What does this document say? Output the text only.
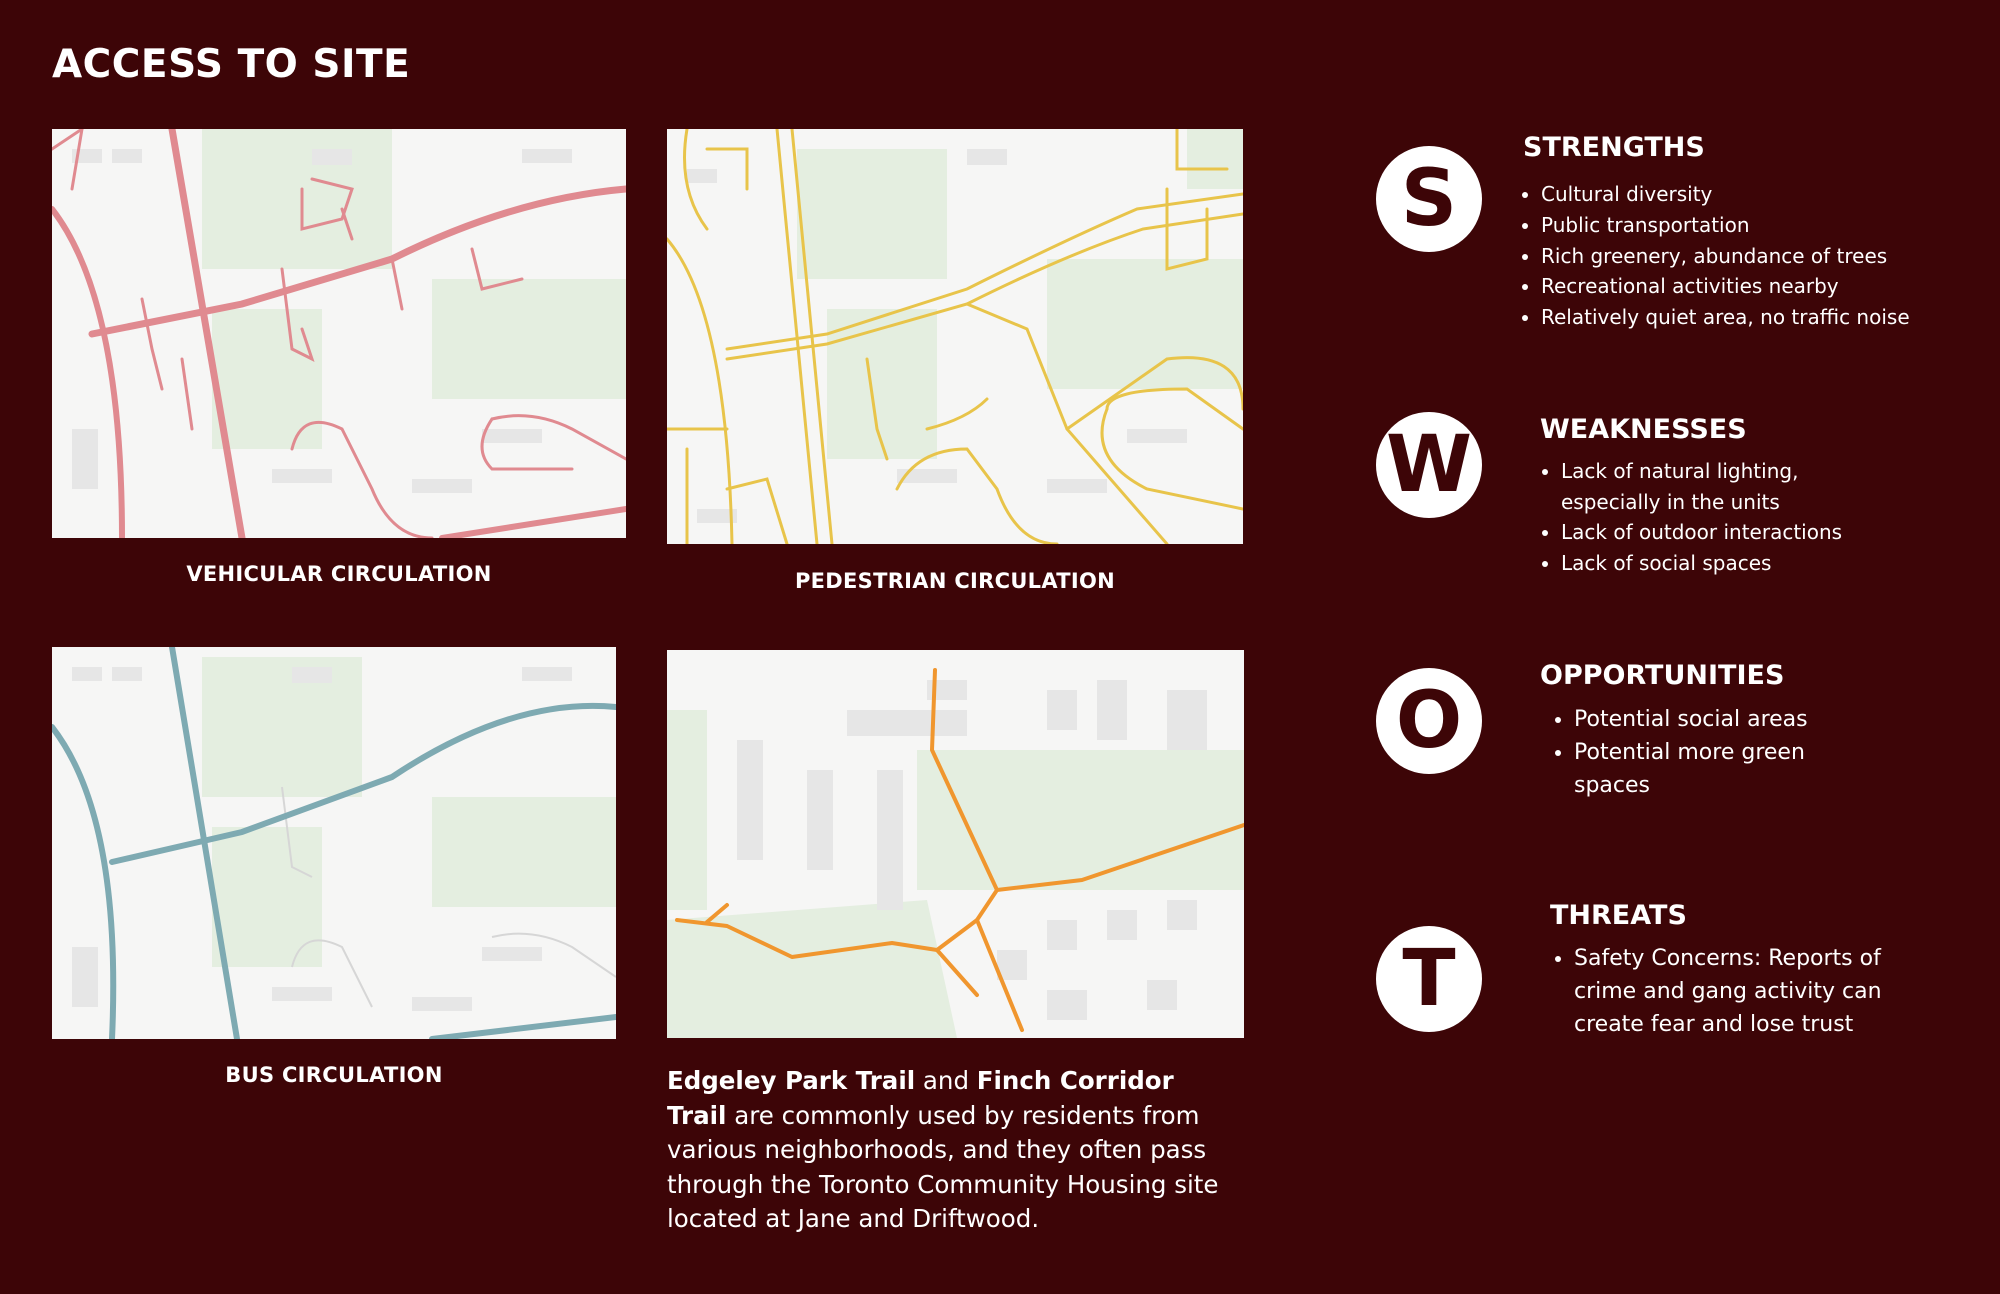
ACCESS TO SITE
VEHICULAR CIRCULATION	PEDESTRIAN CIRCULATION
BUS CIRCULATION	Edgeley Park Trail and Finch Corridor Trail are commonly used by residents from various neighborhoods, and they often pass through the Toronto Community Housing site located at Jane and Driftwood.
S
STRENGTHS
• Cultural diversity
• Public transportation
• Rich greenery, abundance of trees
• Recreational activities nearby
• Relatively quiet area, no traffic noise
W	WEAKNESSES
• Lack of natural lighting, especially in the units
• Lack of outdoor interactions
• Lack of social spaces
O
OPPORTUNITIES
• Potential social areas
• Potential more green spaces
T
THREATS
• Safety Concerns: Reports of crime and gang activity can create fear and lose trust
